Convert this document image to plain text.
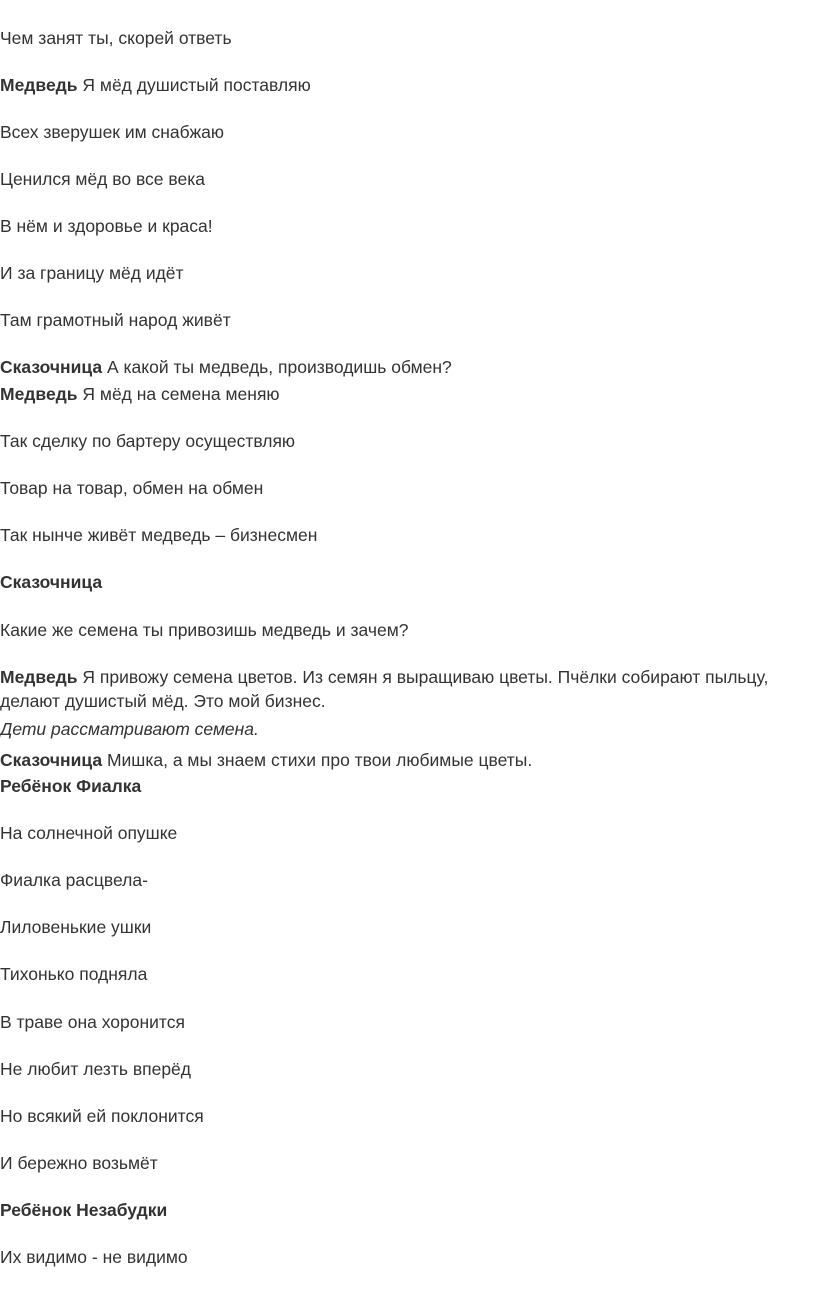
Чем занят ты, скорей ответь
Медведь Я мёд душистый поставляю
Всех зверушек им снабжаю
Ценился мёд во все века
В нём и здоровье и краса!
И за границу мёд идёт
Там грамотный народ живёт
Сказочница А какой ты медведь, производишь обмен?
Медведь Я мёд на семена меняю
Так сделку по бартеру осуществляю
Товар на товар, обмен на обмен
Так нынче живёт медведь – бизнесмен
Сказочница
Какие же семена ты привозишь медведь и зачем?
Медведь Я привожу семена цветов. Из семян я выращиваю цветы. Пчёлки собирают пыльцу, делают душистый мёд. Это мой бизнес.
Дети рассматривают семена.
Сказочница Мишка, а мы знаем стихи про твои любимые цветы.
Ребёнок Фиалка
На солнечной опушке
Фиалка расцвела-
Лиловенькие ушки
Тихонько подняла
В траве она хоронится
Не любит лезть вперёд
Но всякий ей поклонится
И бережно возьмёт
Ребёнок Незабудки
Их видимо - не видимо
